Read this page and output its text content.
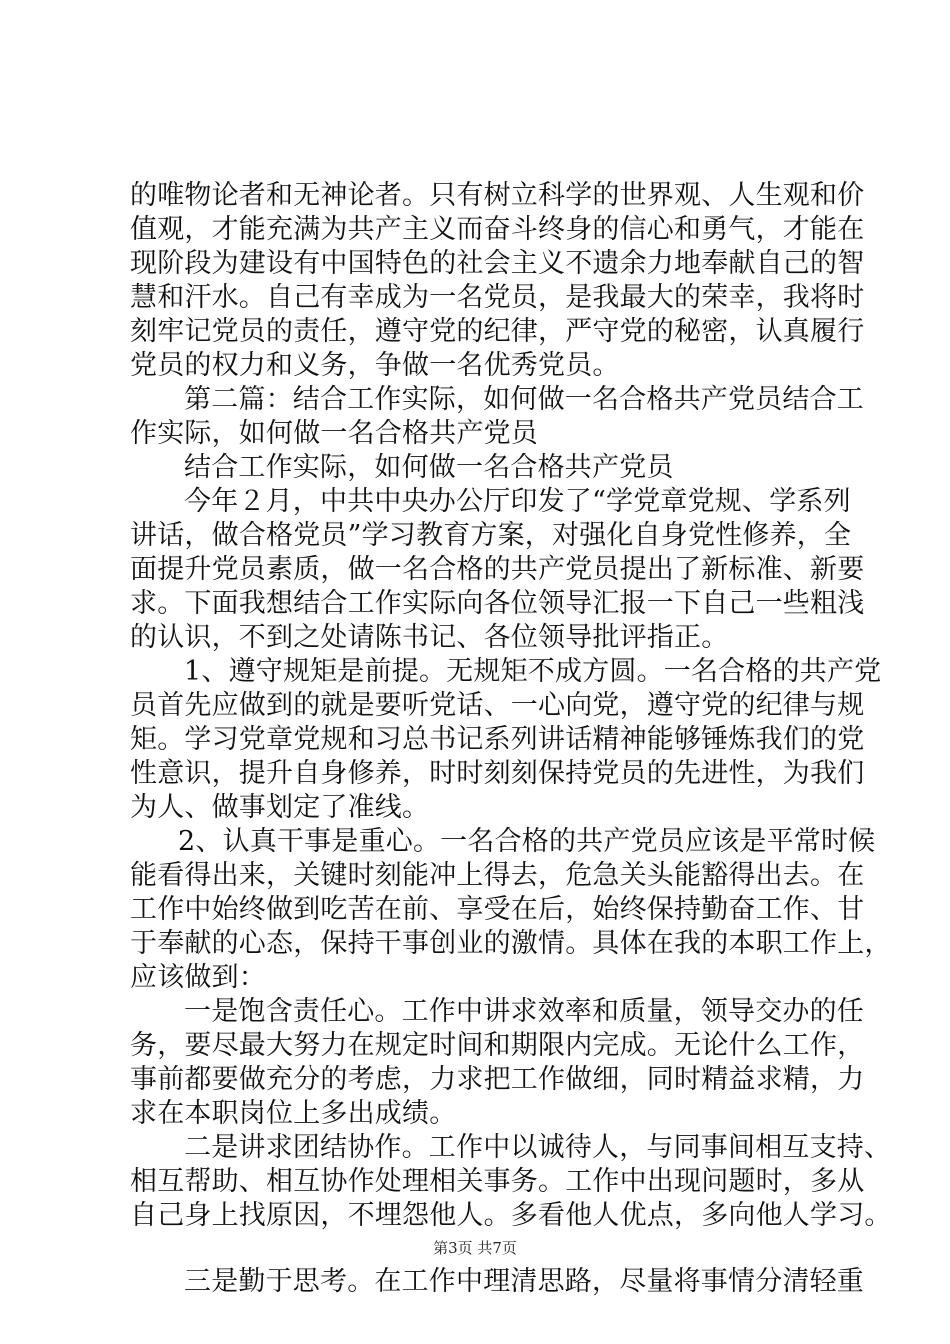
的唯物论者和无神论者。只有树立科学的世界观、人生观和价
值观，才能充满为共产主义而奋斗终身的信心和勇气，才能在
现阶段为建设有中国特色的社会主义不遗余力地奉献自己的智
慧和汗水。自己有幸成为一名党员，是我最大的荣幸，我将时
刻牢记党员的责任，遵守党的纪律，严守党的秘密，认真履行
党员的权力和义务，争做一名优秀党员。
第二篇：结合工作实际，如何做一名合格共产党员结合工
作实际，如何做一名合格共产党员
结合工作实际，如何做一名合格共产党员
今年２月，中共中央办公厅印发了“学党章党规、学系列
讲话，做合格党员”学习教育方案，对强化自身党性修养，全
面提升党员素质，做一名合格的共产党员提出了新标准、新要
求。下面我想结合工作实际向各位领导汇报一下自己一些粗浅
的认识，不到之处请陈书记、各位领导批评指正。
1、遵守规矩是前提。无规矩不成方圆。一名合格的共产党
员首先应做到的就是要听党话、一心向党，遵守党的纪律与规
矩。学习党章党规和习总书记系列讲话精神能够锤炼我们的党
性意识，提升自身修养，时时刻刻保持党员的先进性，为我们
为人、做事划定了准线。
2、认真干事是重心。一名合格的共产党员应该是平常时候
能看得出来，关键时刻能冲上得去，危急关头能豁得出去。在
工作中始终做到吃苦在前、享受在后，始终保持勤奋工作、甘
于奉献的心态，保持干事创业的激情。具体在我的本职工作上，
应该做到：
一是饱含责任心。工作中讲求效率和质量，领导交办的任
务，要尽最大努力在规定时间和期限内完成。无论什么工作，
事前都要做充分的考虑，力求把工作做细，同时精益求精，力
求在本职岗位上多出成绩。
二是讲求团结协作。工作中以诚待人，与同事间相互支持、
相互帮助、相互协作处理相关事务。工作中出现问题时，多从
自己身上找原因，不埋怨他人。多看他人优点，多向他人学习。
三是勤于思考。在工作中理清思路，尽量将事情分清轻重
第3页 共7页
